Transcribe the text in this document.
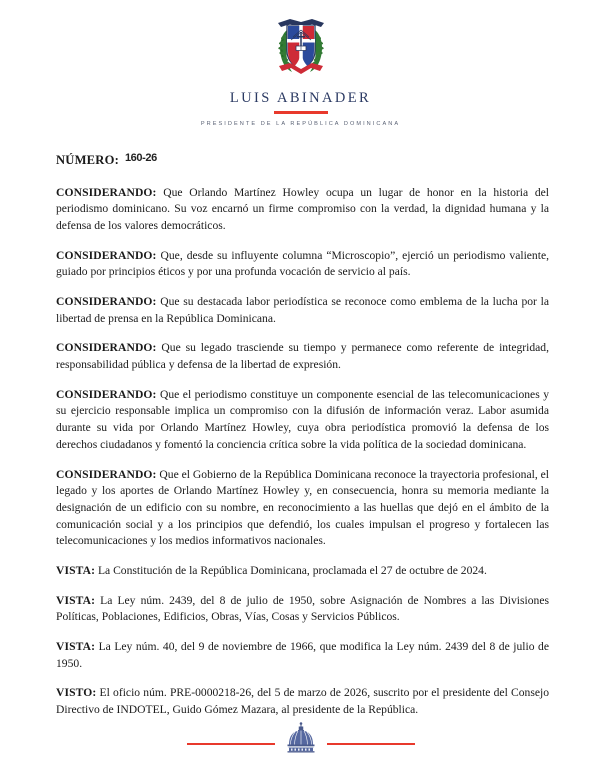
LUIS ABINADER
PRESIDENTE DE LA REPÚBLICA DOMINICANA
NÚMERO: 160-26

CONSIDERANDO: Que Orlando Martínez Howley ocupa un lugar de honor en la historia del periodismo dominicano. Su voz encarnó un firme compromiso con la verdad, la dignidad humana y la defensa de los valores democráticos.

CONSIDERANDO: Que, desde su influyente columna “Microscopio”, ejerció un periodismo valiente, guiado por principios éticos y por una profunda vocación de servicio al país.

CONSIDERANDO: Que su destacada labor periodística se reconoce como emblema de la lucha por la libertad de prensa en la República Dominicana.

CONSIDERANDO: Que su legado trasciende su tiempo y permanece como referente de integridad, responsabilidad pública y defensa de la libertad de expresión.

CONSIDERANDO: Que el periodismo constituye un componente esencial de las telecomunicaciones y su ejercicio responsable implica un compromiso con la difusión de información veraz. Labor asumida durante su vida por Orlando Martínez Howley, cuya obra periodística promovió la defensa de los derechos ciudadanos y fomentó la conciencia crítica sobre la vida política de la sociedad dominicana.

CONSIDERANDO: Que el Gobierno de la República Dominicana reconoce la trayectoria profesional, el legado y los aportes de Orlando Martínez Howley y, en consecuencia, honra su memoria mediante la designación de un edificio con su nombre, en reconocimiento a las huellas que dejó en el ámbito de la comunicación social y a los principios que defendió, los cuales impulsan el progreso y fortalecen las telecomunicaciones y los medios informativos nacionales.

VISTA: La Constitución de la República Dominicana, proclamada el 27 de octubre de 2024.

VISTA: La Ley núm. 2439, del 8 de julio de 1950, sobre Asignación de Nombres a las Divisiones Políticas, Poblaciones, Edificios, Obras, Vías, Cosas y Servicios Públicos.

VISTA: La Ley núm. 40, del 9 de noviembre de 1966, que modifica la Ley núm. 2439 del 8 de julio de 1950.

VISTO: El oficio núm. PRE-0000218-26, del 5 de marzo de 2026, suscrito por el presidente del Consejo Directivo de INDOTEL, Guido Gómez Mazara, al presidente de la República.
